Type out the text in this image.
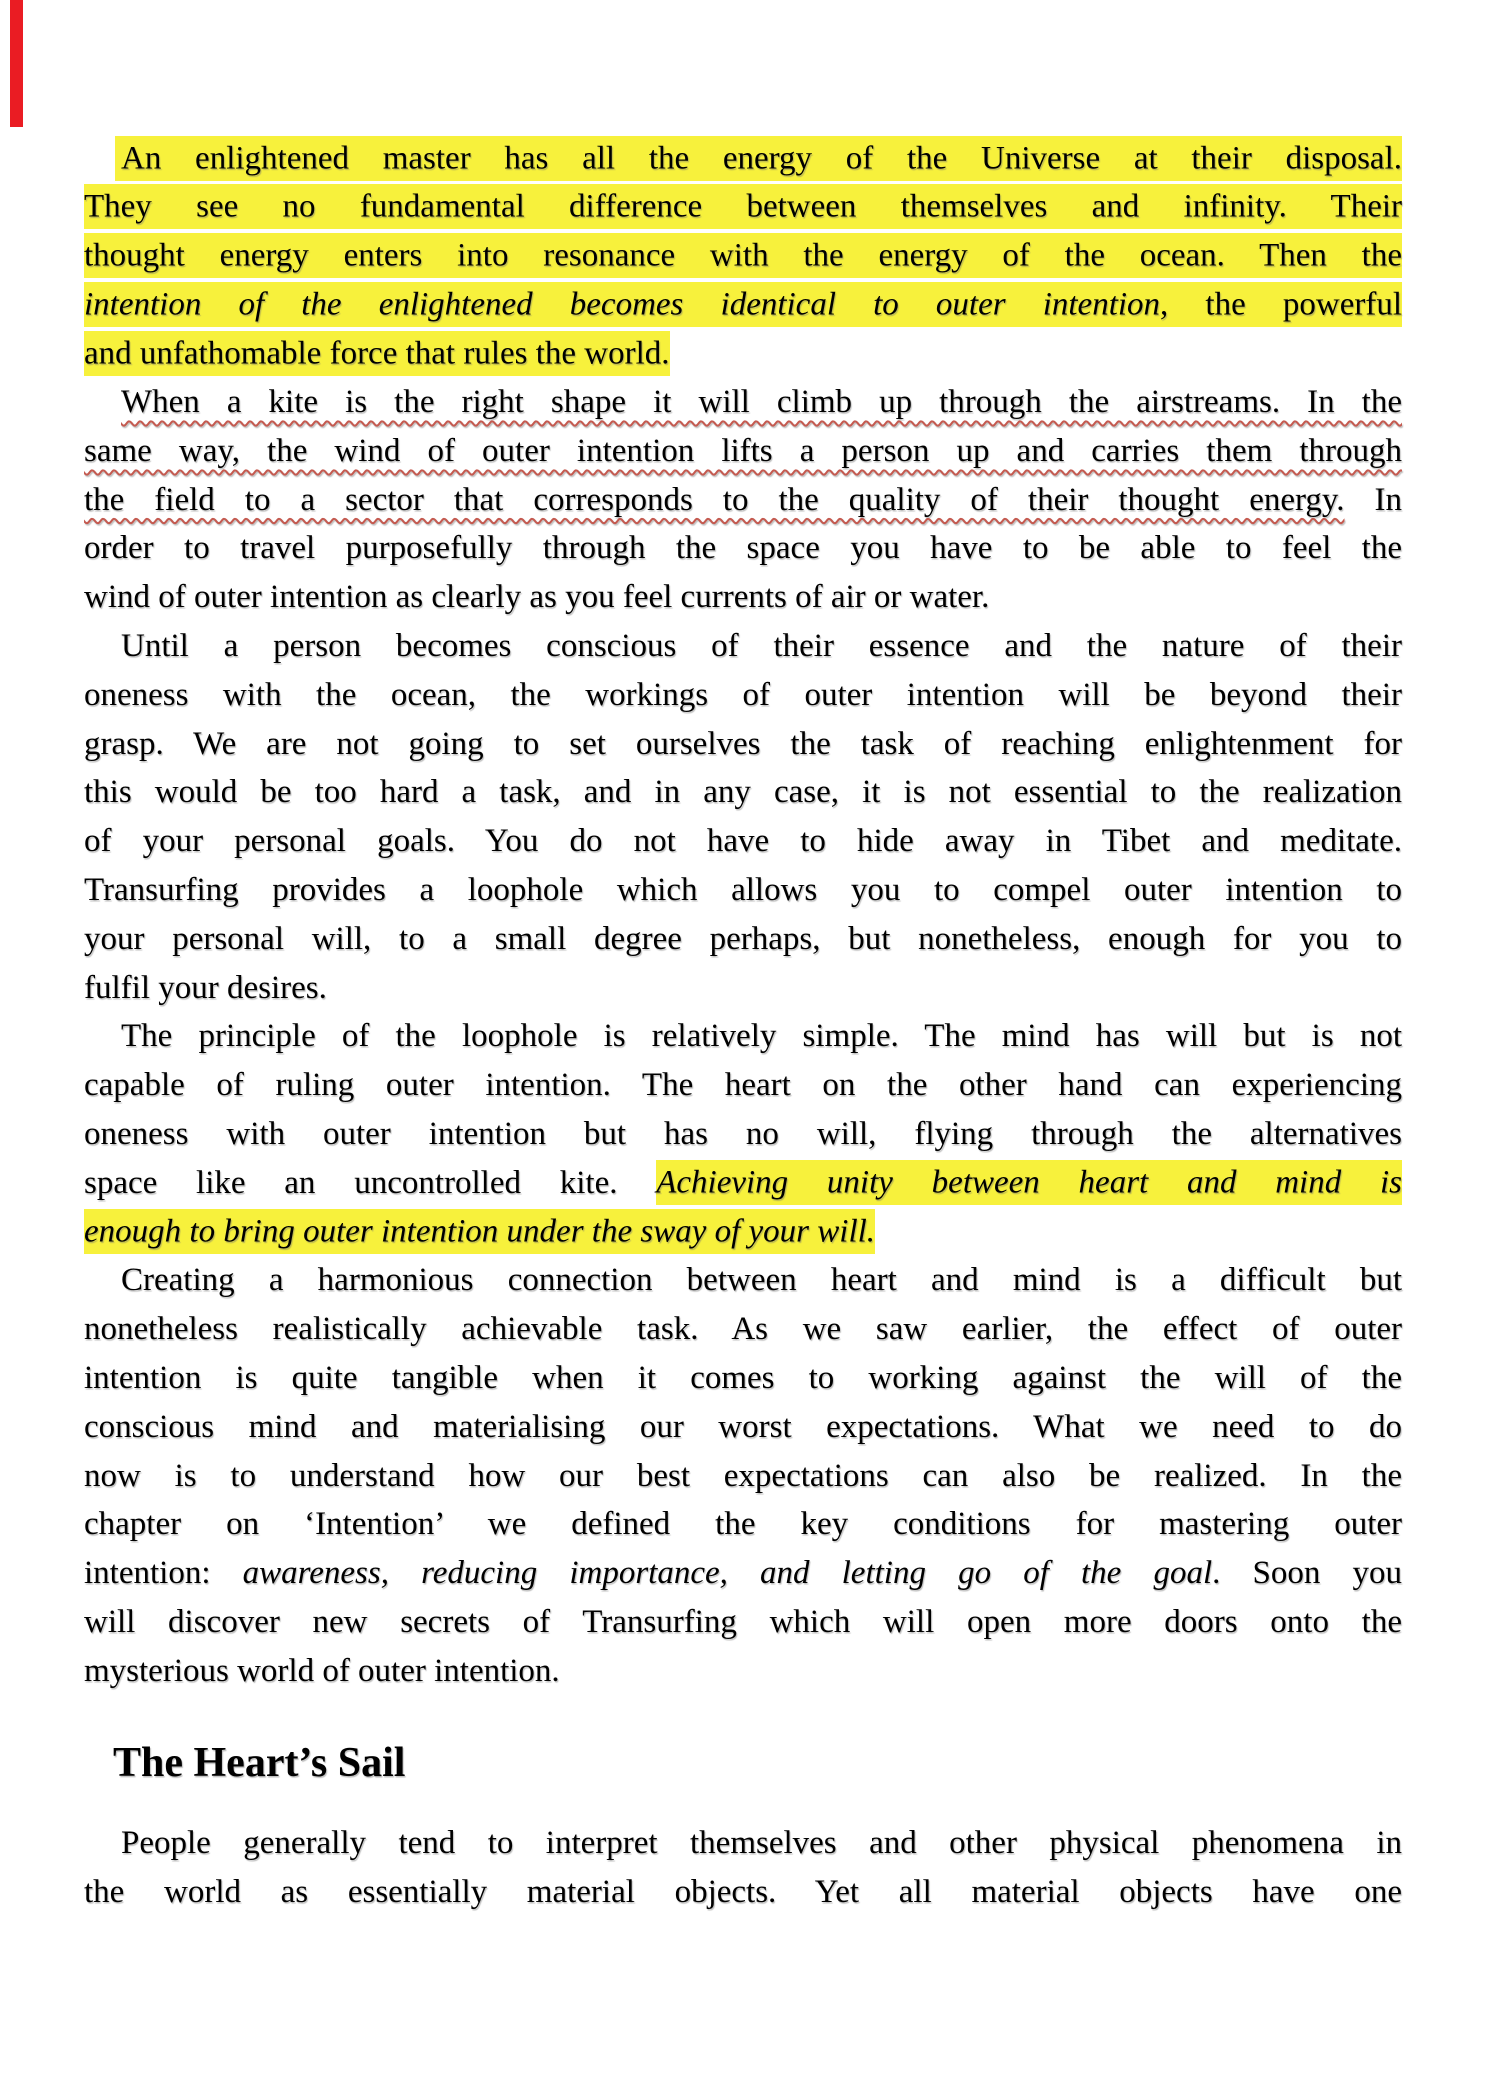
An enlightened master has all the energy of the Universe at their disposal.
They see no fundamental difference between themselves and infinity. Their
thought energy enters into resonance with the energy of the ocean. Then the
intention of the enlightened becomes identical to outer intention, the powerful
and unfathomable force that rules the world.
When a kite is the right shape it will climb up through the airstreams. In the
same way, the wind of outer intention lifts a person up and carries them through
the field to a sector that corresponds to the quality of their thought energy. In
order to travel purposefully through the space you have to be able to feel the
wind of outer intention as clearly as you feel currents of air or water.
Until a person becomes conscious of their essence and the nature of their
oneness with the ocean, the workings of outer intention will be beyond their
grasp. We are not going to set ourselves the task of reaching enlightenment for
this would be too hard a task, and in any case, it is not essential to the realization
of your personal goals. You do not have to hide away in Tibet and meditate.
Transurfing provides a loophole which allows you to compel outer intention to
your personal will, to a small degree perhaps, but nonetheless, enough for you to
fulfil your desires.
The principle of the loophole is relatively simple. The mind has will but is not
capable of ruling outer intention. The heart on the other hand can experiencing
oneness with outer intention but has no will, flying through the alternatives
space like an uncontrolled kite. Achieving unity between heart and mind is
enough to bring outer intention under the sway of your will.
Creating a harmonious connection between heart and mind is a difficult but
nonetheless realistically achievable task. As we saw earlier, the effect of outer
intention is quite tangible when it comes to working against the will of the
conscious mind and materialising our worst expectations. What we need to do
now is to understand how our best expectations can also be realized. In the
chapter on ‘Intention’ we defined the key conditions for mastering outer
intention: awareness, reducing importance, and letting go of the goal. Soon you
will discover new secrets of Transurfing which will open more doors onto the
mysterious world of outer intention.
The Heart’s Sail
People generally tend to interpret themselves and other physical phenomena in
the world as essentially material objects. Yet all material objects have one
